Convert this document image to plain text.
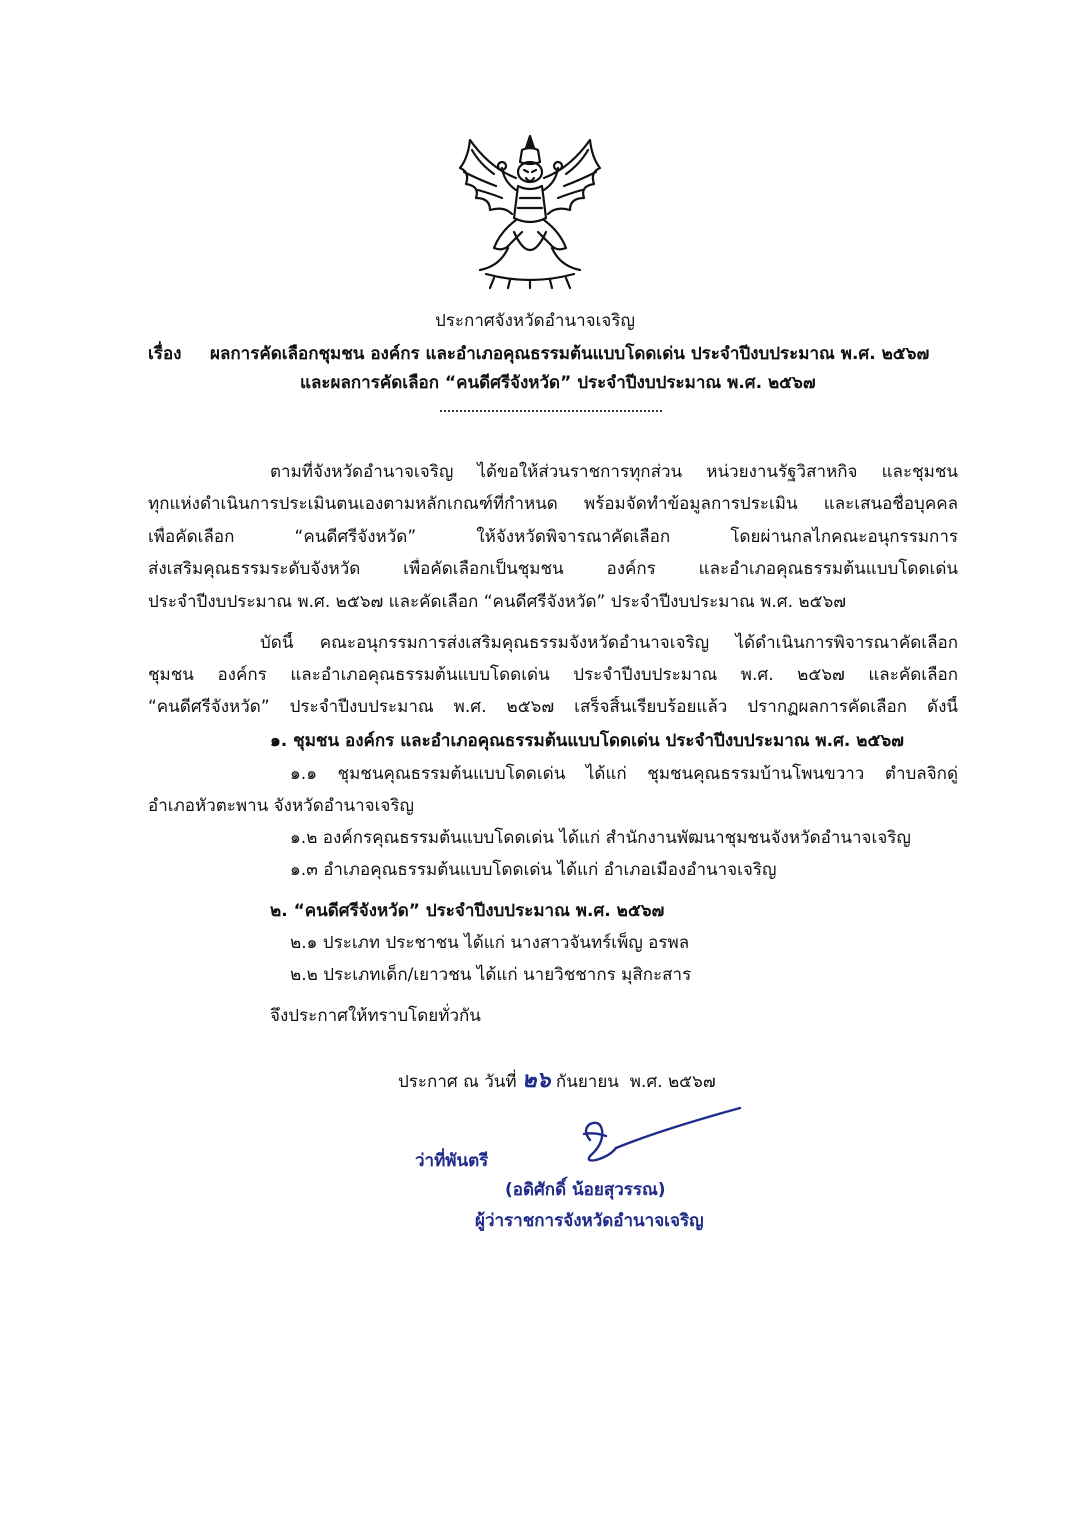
ประกาศจังหวัดอำนาจเจริญ
เรื่อง ผลการคัดเลือกชุมชน องค์กร และอำเภอคุณธรรมต้นแบบโดดเด่น ประจำปีงบประมาณ พ.ศ. ๒๕๖๗
และผลการคัดเลือก “คนดีศรีจังหวัด” ประจำปีงบประมาณ พ.ศ. ๒๕๖๗
ตามที่จังหวัดอำนาจเจริญ ได้ขอให้ส่วนราชการทุกส่วน หน่วยงานรัฐวิสาหกิจ และชุมชน
ทุกแห่งดำเนินการประเมินตนเองตามหลักเกณฑ์ที่กำหนด พร้อมจัดทำข้อมูลการประเมิน และเสนอชื่อบุคคล
เพื่อคัดเลือก “คนดีศรีจังหวัด” ให้จังหวัดพิจารณาคัดเลือก โดยผ่านกลไกคณะอนุกรรมการ
ส่งเสริมคุณธรรมระดับจังหวัด เพื่อคัดเลือกเป็นชุมชน องค์กร และอำเภอคุณธรรมต้นแบบโดดเด่น
ประจำปีงบประมาณ พ.ศ. ๒๕๖๗ และคัดเลือก “คนดีศรีจังหวัด” ประจำปีงบประมาณ พ.ศ. ๒๕๖๗
บัดนี้ คณะอนุกรรมการส่งเสริมคุณธรรมจังหวัดอำนาจเจริญ ได้ดำเนินการพิจารณาคัดเลือก
ชุมชน องค์กร และอำเภอคุณธรรมต้นแบบโดดเด่น ประจำปีงบประมาณ พ.ศ. ๒๕๖๗ และคัดเลือก
“คนดีศรีจังหวัด” ประจำปีงบประมาณ พ.ศ. ๒๕๖๗ เสร็จสิ้นเรียบร้อยแล้ว ปรากฏผลการคัดเลือก ดังนี้
๑. ชุมชน องค์กร และอำเภอคุณธรรมต้นแบบโดดเด่น ประจำปีงบประมาณ พ.ศ. ๒๕๖๗
๑.๑ ชุมชนคุณธรรมต้นแบบโดดเด่น ได้แก่ ชุมชนคุณธรรมบ้านโพนขวาว ตำบลจิกดู่
อำเภอหัวตะพาน จังหวัดอำนาจเจริญ
๑.๒ องค์กรคุณธรรมต้นแบบโดดเด่น ได้แก่ สำนักงานพัฒนาชุมชนจังหวัดอำนาจเจริญ
๑.๓ อำเภอคุณธรรมต้นแบบโดดเด่น ได้แก่ อำเภอเมืองอำนาจเจริญ
๒. “คนดีศรีจังหวัด” ประจำปีงบประมาณ พ.ศ. ๒๕๖๗
๒.๑ ประเภท ประชาชน ได้แก่ นางสาวจันทร์เพ็ญ อรพล
๒.๒ ประเภทเด็ก/เยาวชน ได้แก่ นายวิชชากร มุสิกะสาร
จึงประกาศให้ทราบโดยทั่วกัน
ประกาศ ณ วันที่ ๒๖ กันยายน พ.ศ. ๒๕๖๗
ว่าที่พันตรี
(อดิศักดิ์ น้อยสุวรรณ)
ผู้ว่าราชการจังหวัดอำนาจเจริญ
